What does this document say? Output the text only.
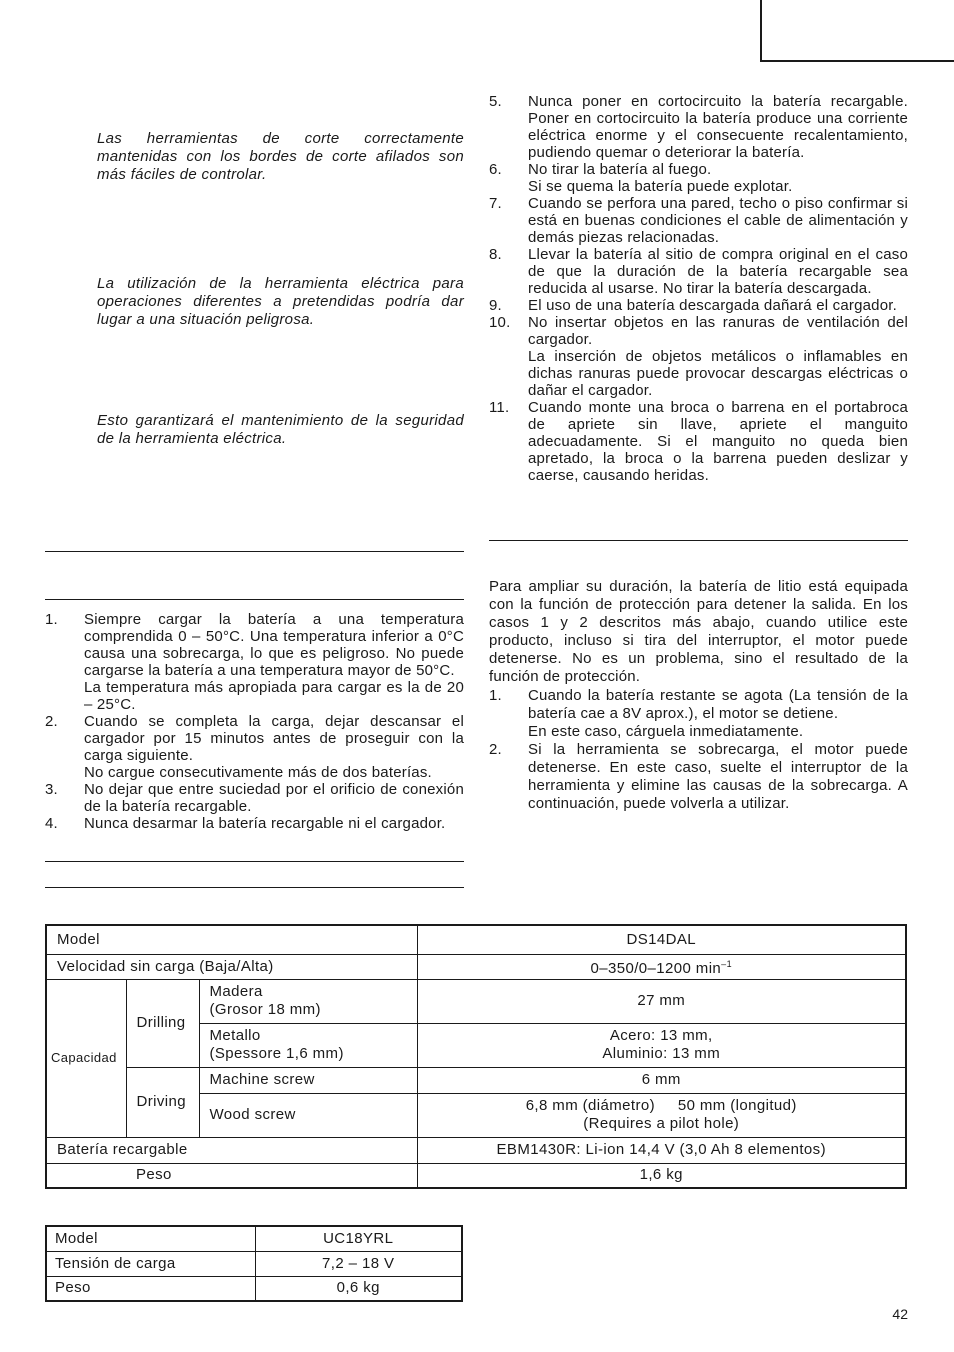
Las herramientas de corte correctamente mantenidas con los bordes de corte afilados son más fáciles de controlar.

La utilización de la herramienta eléctrica para operaciones diferentes a pretendidas podría dar lugar a una situación peligrosa.

Esto garantizará el mantenimiento de la seguridad de la herramienta eléctrica.

1. Siempre cargar la batería a una temperatura comprendida 0 – 50°C. Una temperatura inferior a 0°C causa una sobrecarga, lo que es peligroso. No puede cargarse la batería a una temperatura mayor de 50°C.
La temperatura más apropiada para cargar es la de 20 – 25°C.
2. Cuando se completa la carga, dejar descansar el cargador por 15 minutos antes de proseguir con la carga siguiente.
No cargue consecutivamente más de dos baterías.
3. No dejar que entre suciedad por el orificio de conexión de la batería recargable.
4. Nunca desarmar la batería recargable ni el cargador.
5. Nunca poner en cortocircuito la batería recargable. Poner en cortocircuito la batería produce una corriente eléctrica enorme y el consecuente recalentamiento, pudiendo quemar o deteriorar la batería.
6. No tirar la batería al fuego.
Si se quema la batería puede explotar.
7. Cuando se perfora una pared, techo o piso confirmar si está en buenas condiciones el cable de alimentación y demás piezas relacionadas.
8. Llevar la batería al sitio de compra original en el caso de que la duración de la batería recargable sea reducida al usarse. No tirar la batería descargada.
9. El uso de una batería descargada dañará el cargador.
10. No insertar objetos en las ranuras de ventilación del cargador.
La inserción de objetos metálicos o inflamables en dichas ranuras puede provocar descargas eléctricas o dañar el cargador.
11. Cuando monte una broca o barrena en el portabroca de apriete sin llave, apriete el manguito adecuadamente. Si el manguito no queda bien apretado, la broca o la barrena pueden deslizar y caerse, causando heridas.

Para ampliar su duración, la batería de litio está equipada con la función de protección para detener la salida. En los casos 1 y 2 descritos más abajo, cuando utilice este producto, incluso si tira del interruptor, el motor puede detenerse. No es un problema, sino el resultado de la función de protección.

1. Cuando la batería restante se agota (La tensión de la batería cae a 8V aprox.), el motor se detiene.
En este caso, cárguela inmediatamente.
2. Si la herramienta se sobrecarga, el motor puede detenerse. En este caso, suelte el interruptor de la herramienta y elimine las causas de la sobrecarga. A continuación, puede volverla a utilizar.
Model			DS14DAL
Velocidad sin carga (Baja/Alta)			0–350/0–1200 $\min^{-1}$
Capacidad	Drilling	Madera
(Grosor 18 mm)	27 mm
		Metallo
(Spessore 1,6 mm)	Acero: 13 mm,
Aluminio: 13 mm
	Driving	Machine screw	6 mm
		Wood screw	6,8 mm (diámetro)     50 mm (longitud)
(Requires a pilot hole)
Batería recargable			EBM1430R: Li-ion 14,4 V (3,0 Ah 8 elementos)
Peso			1,6 kg
Model	UC18YRL
Tensión de carga	7,2 – 18 V
Peso	0,6 kg
42
